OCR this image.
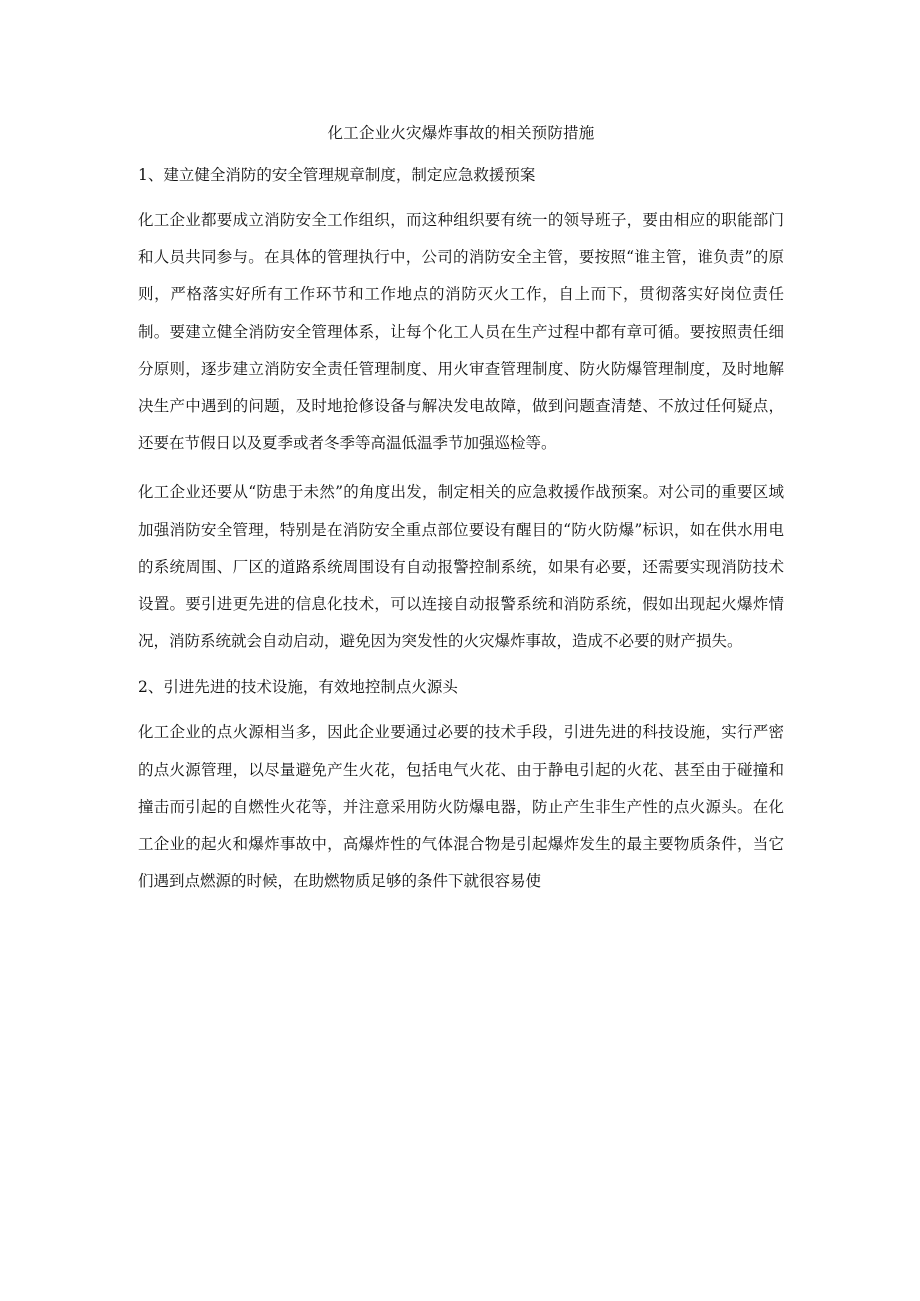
化工企业火灾爆炸事故的相关预防措施

1、建立健全消防的安全管理规章制度，制定应急救援预案

化工企业都要成立消防安全工作组织，而这种组织要有统一的领导班子，要由相应的职能部门和人员共同参与。在具体的管理执行中，公司的消防安全主管，要按照“谁主管，谁负责”的原则，严格落实好所有工作环节和工作地点的消防灭火工作，自上而下，贯彻落实好岗位责任制。要建立健全消防安全管理体系，让每个化工人员在生产过程中都有章可循。要按照责任细分原则，逐步建立消防安全责任管理制度、用火审查管理制度、防火防爆管理制度，及时地解决生产中遇到的问题，及时地抢修设备与解决发电故障，做到问题查清楚、不放过任何疑点，还要在节假日以及夏季或者冬季等高温低温季节加强巡检等。

化工企业还要从“防患于未然”的角度出发，制定相关的应急救援作战预案。对公司的重要区域加强消防安全管理，特别是在消防安全重点部位要设有醒目的“防火防爆”标识，如在供水用电的系统周围、厂区的道路系统周围设有自动报警控制系统，如果有必要，还需要实现消防技术设置。要引进更先进的信息化技术，可以连接自动报警系统和消防系统，假如出现起火爆炸情况，消防系统就会自动启动，避免因为突发性的火灾爆炸事故，造成不必要的财产损失。

2、引进先进的技术设施，有效地控制点火源头

化工企业的点火源相当多，因此企业要通过必要的技术手段，引进先进的科技设施，实行严密的点火源管理，以尽量避免产生火花，包括电气火花、由于静电引起的火花、甚至由于碰撞和撞击而引起的自燃性火花等，并注意采用防火防爆电器，防止产生非生产性的点火源头。在化工企业的起火和爆炸事故中，高爆炸性的气体混合物是引起爆炸发生的最主要物质条件，当它们遇到点燃源的时候，在助燃物质足够的条件下就很容易使
